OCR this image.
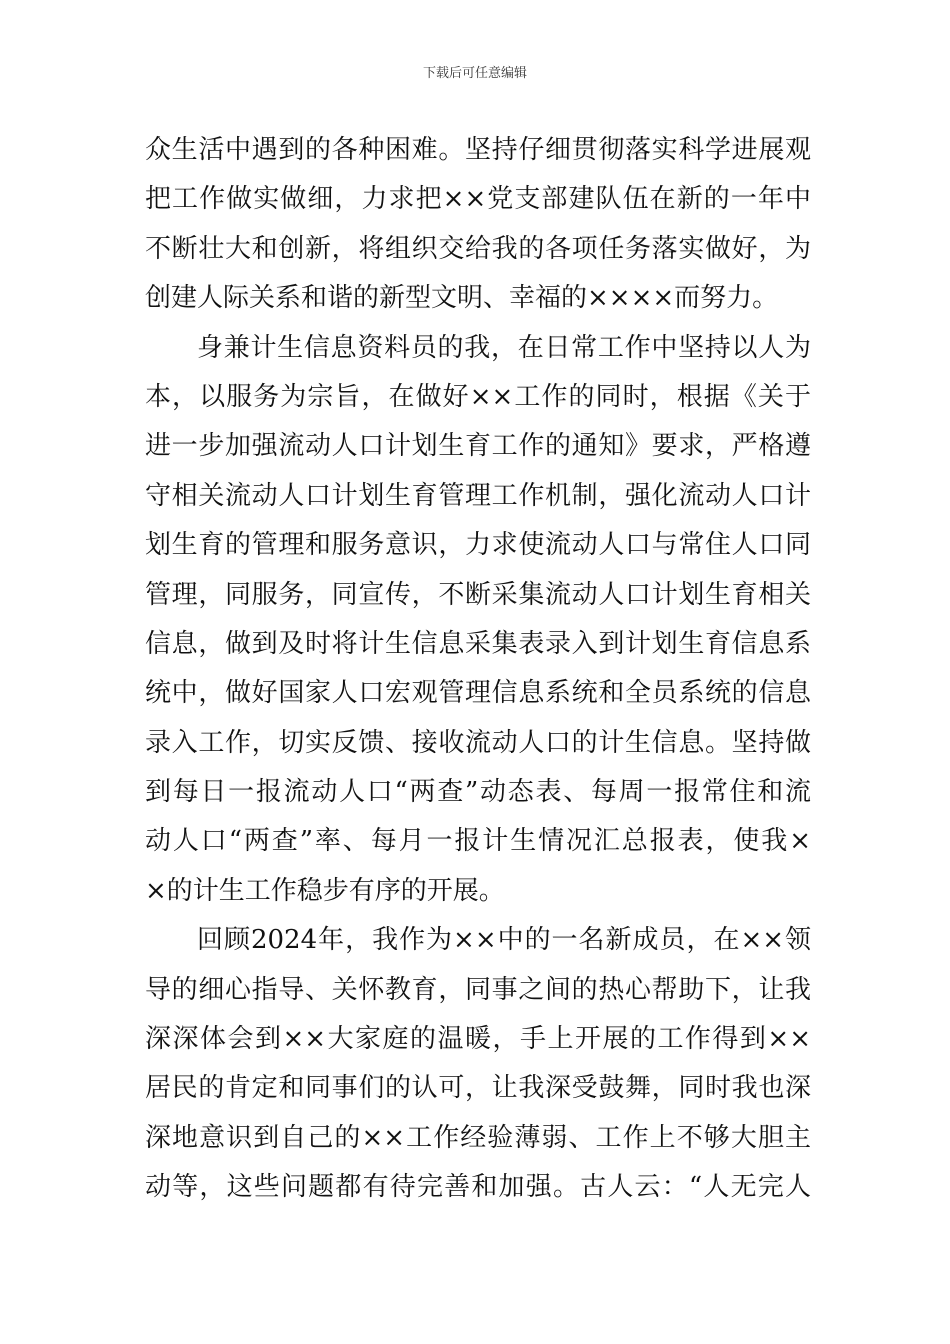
下载后可任意编辑
众生活中遇到的各种困难。坚持仔细贯彻落实科学进展观
把工作做实做细，力求把××党支部建队伍在新的一年中
不断壮大和创新，将组织交给我的各项任务落实做好，为
创建人际关系和谐的新型文明、幸福的××××而努力。
身兼计生信息资料员的我，在日常工作中坚持以人为
本，以服务为宗旨，在做好××工作的同时，根据《关于
进一步加强流动人口计划生育工作的通知》要求，严格遵
守相关流动人口计划生育管理工作机制，强化流动人口计
划生育的管理和服务意识，力求使流动人口与常住人口同
管理，同服务，同宣传，不断采集流动人口计划生育相关
信息，做到及时将计生信息采集表录入到计划生育信息系
统中，做好国家人口宏观管理信息系统和全员系统的信息
录入工作，切实反馈、接收流动人口的计生信息。坚持做
到每日一报流动人口“两查”动态表、每周一报常住和流
动人口“两查”率、每月一报计生情况汇总报表，使我×
×的计生工作稳步有序的开展。
回顾2024年，我作为××中的一名新成员，在××领
导的细心指导、关怀教育，同事之间的热心帮助下，让我
深深体会到××大家庭的温暖，手上开展的工作得到××
居民的肯定和同事们的认可，让我深受鼓舞，同时我也深
深地意识到自己的××工作经验薄弱、工作上不够大胆主
动等，这些问题都有待完善和加强。古人云：“人无完人
